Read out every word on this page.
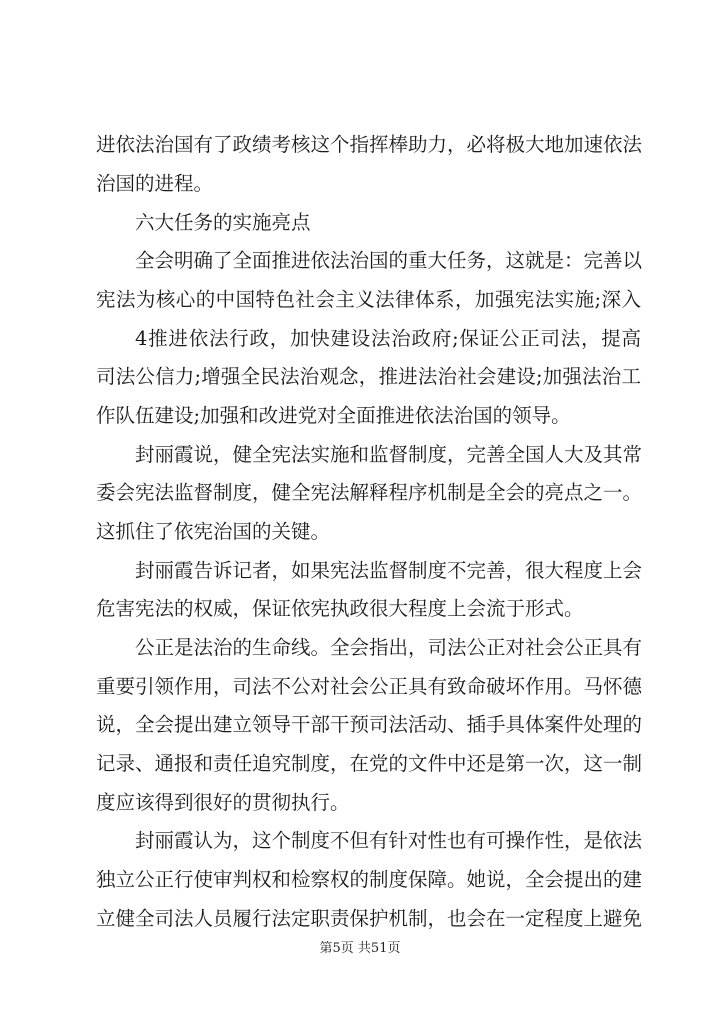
进依法治国有了政绩考核这个指挥棒助力，必将极大地加速依法
治国的进程。
六大任务的实施亮点
全会明确了全面推进依法治国的重大任务，这就是：完善以
宪法为核心的中国特色社会主义法律体系，加强宪法实施;深入
4推进依法行政，加快建设法治政府;保证公正司法，提高
司法公信力;增强全民法治观念，推进法治社会建设;加强法治工
作队伍建设;加强和改进党对全面推进依法治国的领导。
封丽霞说，健全宪法实施和监督制度，完善全国人大及其常
委会宪法监督制度，健全宪法解释程序机制是全会的亮点之一。
这抓住了依宪治国的关键。
封丽霞告诉记者，如果宪法监督制度不完善，很大程度上会
危害宪法的权威，保证依宪执政很大程度上会流于形式。
公正是法治的生命线。全会指出，司法公正对社会公正具有
重要引领作用，司法不公对社会公正具有致命破坏作用。马怀德
说，全会提出建立领导干部干预司法活动、插手具体案件处理的
记录、通报和责任追究制度，在党的文件中还是第一次，这一制
度应该得到很好的贯彻执行。
封丽霞认为，这个制度不但有针对性也有可操作性，是依法
独立公正行使审判权和检察权的制度保障。她说，全会提出的建
立健全司法人员履行法定职责保护机制，也会在一定程度上避免
第5页 共51页
